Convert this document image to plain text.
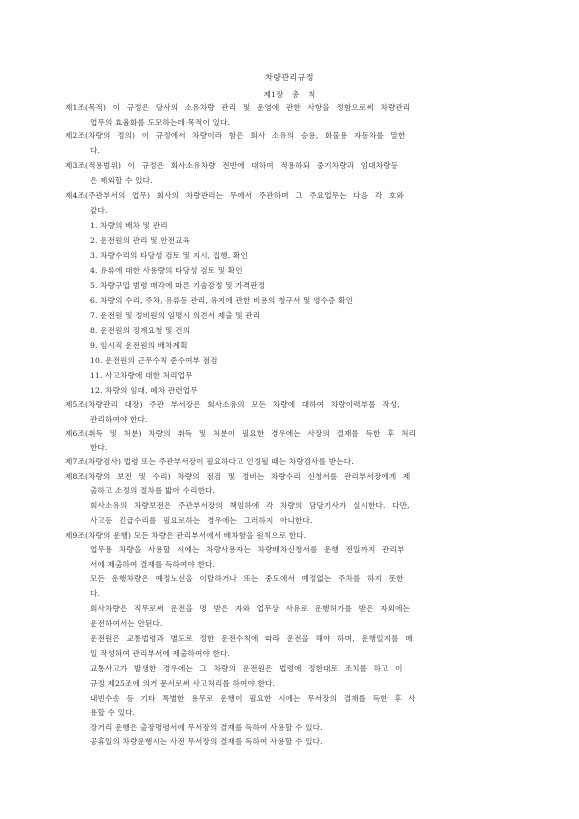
차량관리규정
제1장 총 칙
제1조(목적) 이 규정은 당사의 소유차량 관리 및 운영에 관한 사항을 정함으로써 차량관리
업무의 효율화를 도모하는데 목적이 있다.
제2조(차량의 정의) 이 규정에서 차량이라 함은 회사 소유의 승용, 화물용 자동차를 말한
다.
제3조(적용범위) 이 규정은 회사소유차량 전반에 대하여 적용하되 중기차량과 임대차량등
은 제외할 수 있다.
제4조(주관부서의 업무) 회사의 차량관리는 무에서 주관하며 그 주요업무는 다음 각 호와
같다.
1. 차량의 배차 및 관리
2. 운전원의 관리 및 안전교육
3. 차량수리의 타당성 검토 및 지시, 집행, 확인
4. 유류에 대한 사용량의 타당성 검토 및 확인
5. 차량구입 범령 매각에 따른 기술감정 및 가격판정
6. 차량의 수리, 주차, 유류등 관리, 유지에 관한 비용의 청구서 및 영수증 확인
7. 운전원 및 정비원의 임명시 의견서 제출 및 관리
8. 운전원의 징계요청 및 건의
9. 임시직 운전원의 배차계획
10. 운전원의 근무수칙 준수여부 점검
11. 사고차량에 대한 처리업무
12. 차량의 임대, 폐차 관련업무
제5조(차량관리 대장) 주관 부서장은 회사소유의 모든 차량에 대하여 차량이력부를 작성,
관리하여야 한다.
제6조(취득 및 처분) 차량의 취득 및 처분이 필요한 경우에는 사장의 결재를 득한 후 처리
한다.
제7조(차량검사) 법령 또는 주관부서장이 필요하다고 인정될 때는 차량검사를 받는다.
제8조(차량의 보전 및 수리) 차량의 점검 및 정비는 차량수리 신청서를 관리부서장에게 제
출하고 소정의 절차를 밟아 수리한다.
회사소유의 차량보전은 주관부서장의 책임하에 각 차량의 담당기사가 실시한다. 다만,
사고등 긴급수리를 필요로하는 경우에는 그러하지 아니한다.
제9조(차량의 운행) 모든 차량은 관리부서에서 배차함을 원칙으로 한다.
업무용 차량을 사용할 시에는 차량사용자는 차량배차신청서를 운행 전일까지 관리부
서에 제출하여 결재를 득하여야 한다.
모든 운행차량은 예정노선을 이탈하거나 또는 중도에서 예정없는 주차를 하지 못한
다.
회사차량은 직무로써 운전을 명 받은 자와 업무상 사유로 운행허가를 받은 자외에는
운전하여서는 안된다.
운전원은 교통법령과 별도로 정한 운전수칙에 따라 운전을 해야 하며, 운행일지를 매
일 작성하여 관리부서에 제출하여야 한다.
교통사고가 발생한 경우에는 그 차량의 운전원은 법령에 정한대로 조치를 하고 이
규정 제25조에 의거 문서로써 사고처리를 하여야 한다.
내빈수송 등 기타 특별한 용무로 운행이 필요한 시에는 무서장의 결재를 득한 후 사
용할 수 있다.
장거리 운행은 출장명령서에 무서장의 결재를 득하여 사용할 수 있다.
공휴일의 차량운행시는 사전 무서장의 결재를 득하여 사용할 수 있다.
